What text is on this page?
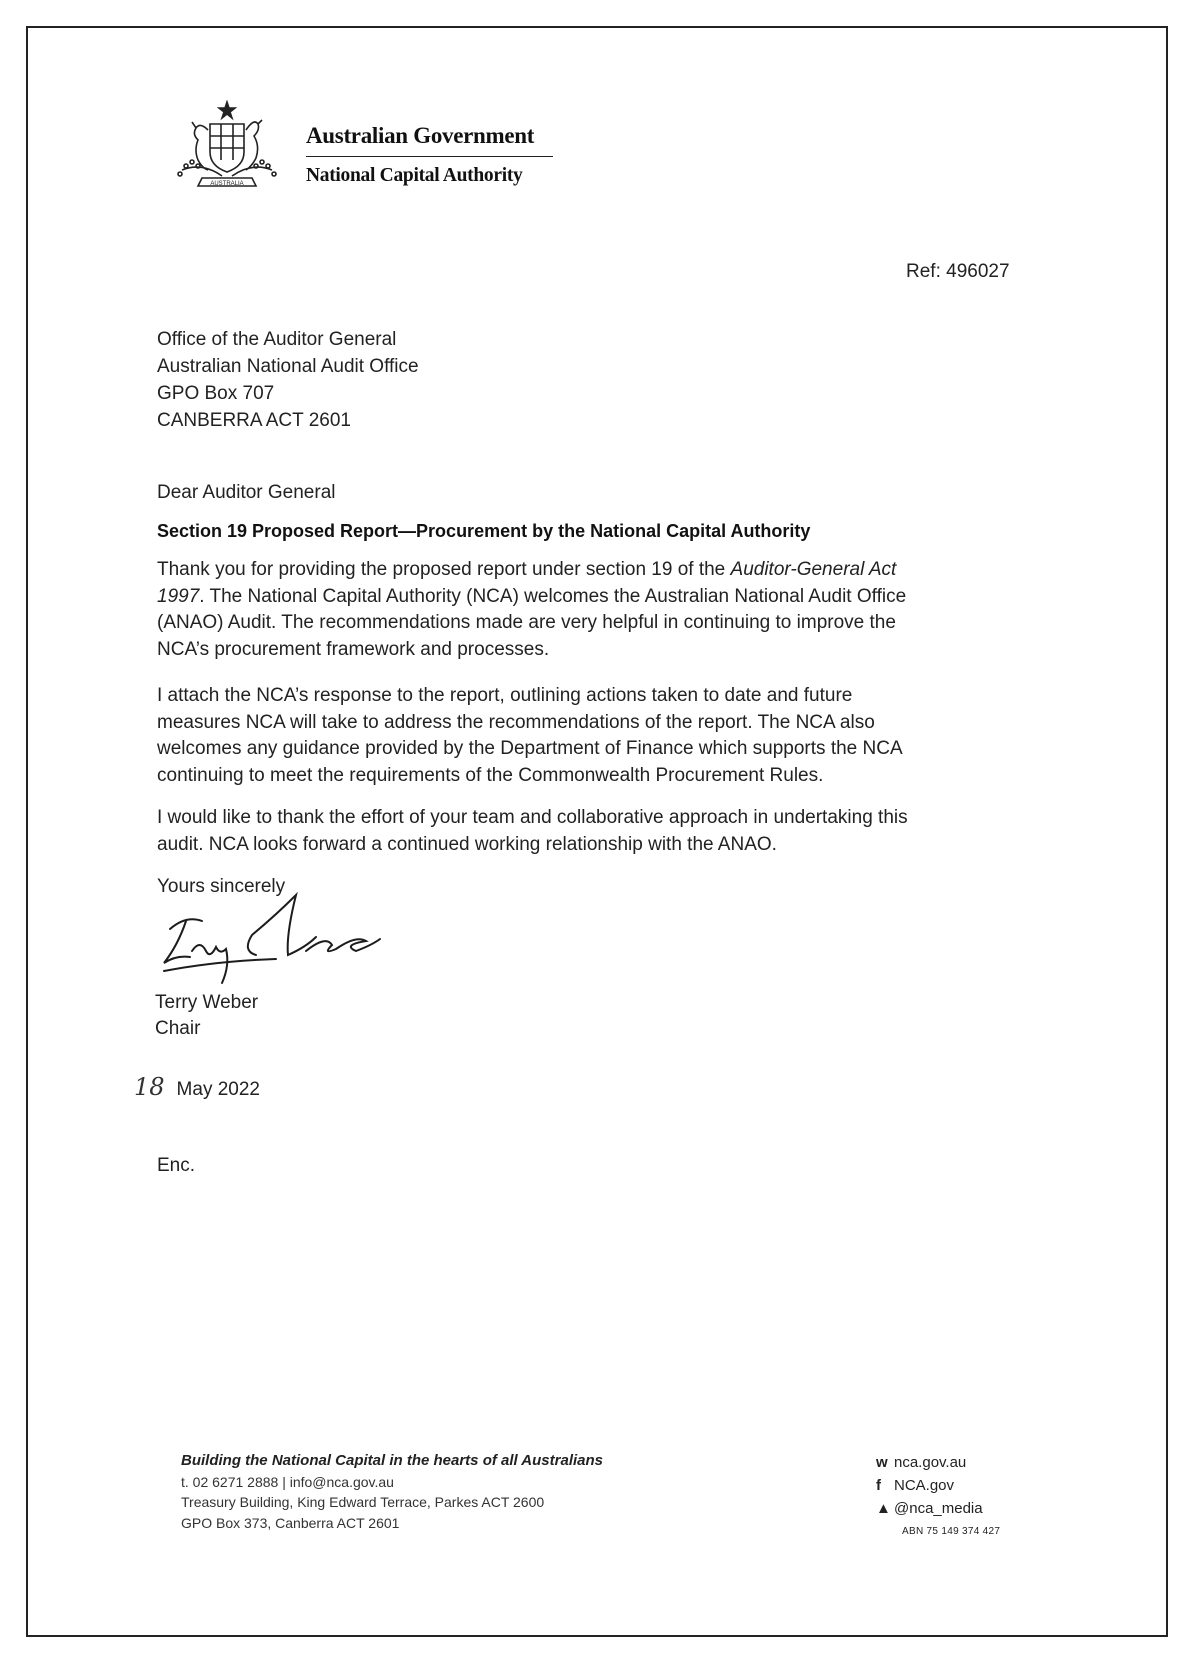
AUSTRALIA
Australian Government
National Capital Authority
Ref: 496027
Office of the Auditor General
Australian National Audit Office
GPO Box 707
CANBERRA ACT 2601
Dear Auditor General
Section 19 Proposed Report—Procurement by the National Capital Authority
Thank you for providing the proposed report under section 19 of the Auditor-General Act
1997. The National Capital Authority (NCA) welcomes the Australian National Audit Office
(ANAO) Audit. The recommendations made are very helpful in continuing to improve the
NCA’s procurement framework and processes.
I attach the NCA’s response to the report, outlining actions taken to date and future
measures NCA will take to address the recommendations of the report. The NCA also
welcomes any guidance provided by the Department of Finance which supports the NCA
continuing to meet the requirements of the Commonwealth Procurement Rules.
I would like to thank the effort of your team and collaborative approach in undertaking this
audit. NCA looks forward a continued working relationship with the ANAO.
Yours sincerely
Terry Weber
Chair
18 May 2022
Enc.
Building the National Capital in the hearts of all Australians
t. 02 6271 2888 | info@nca.gov.au
Treasury Building, King Edward Terrace, Parkes ACT 2600
GPO Box 373, Canberra ACT 2601
w nca.gov.au
f NCA.gov
▲ @nca_media
ABN 75 149 374 427
